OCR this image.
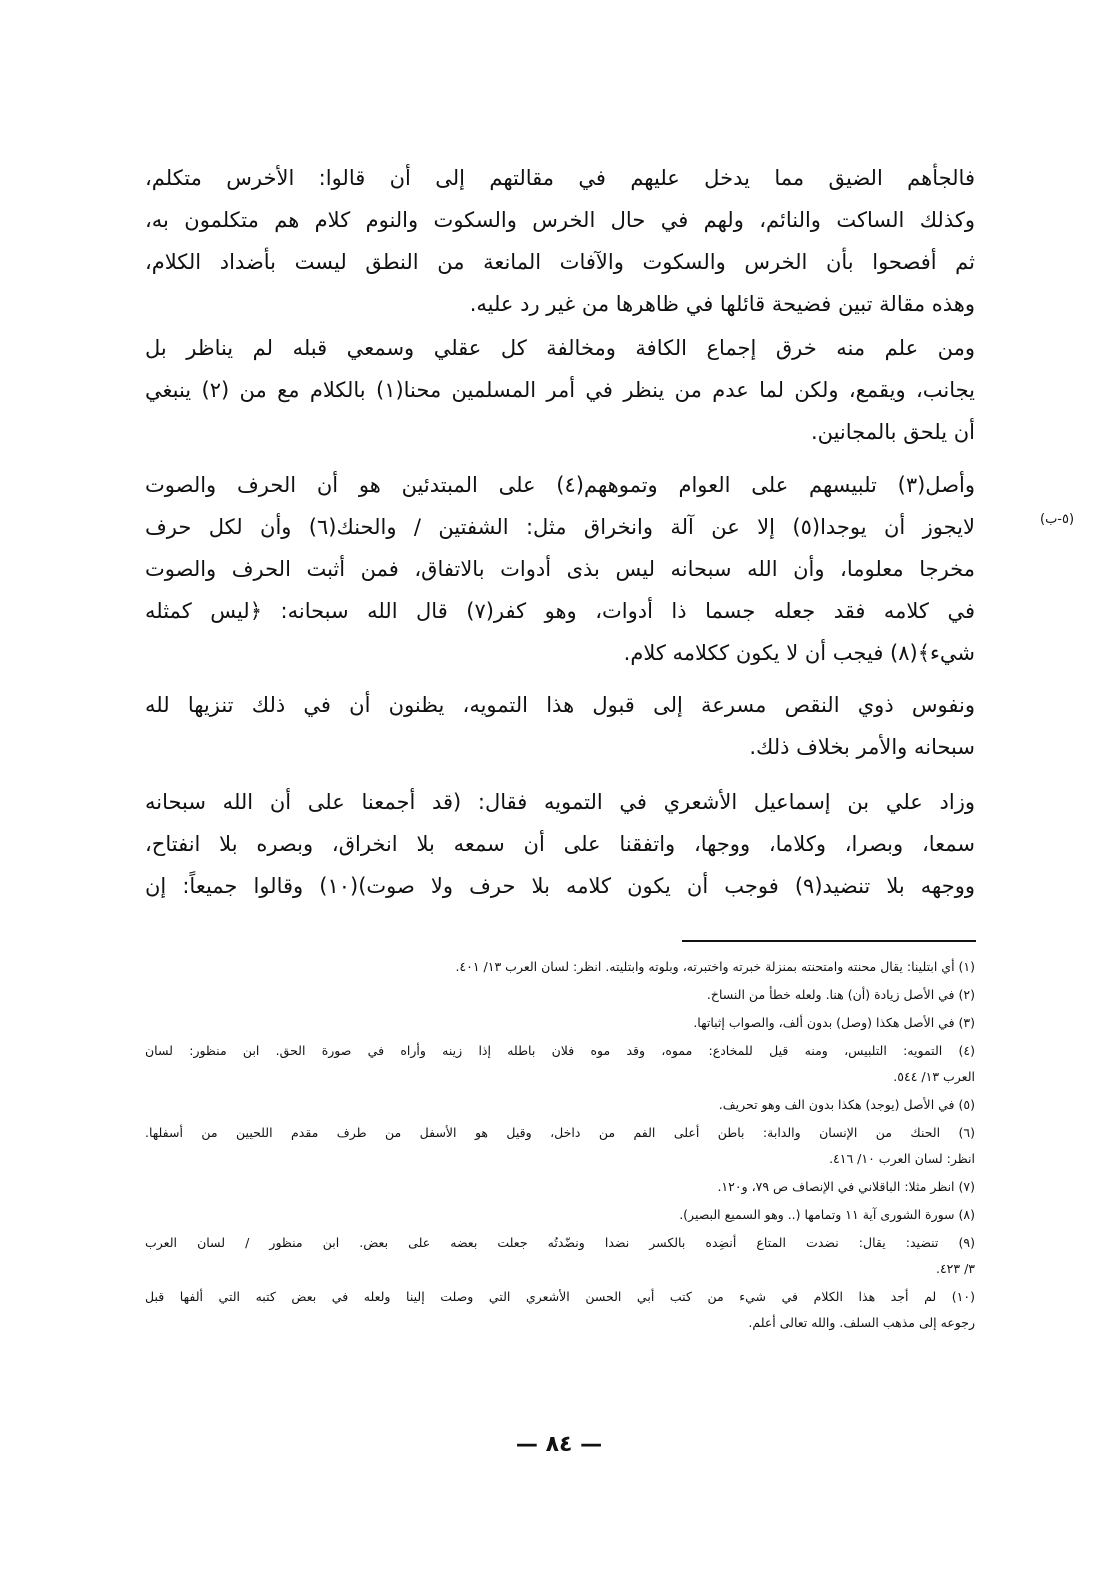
فالجأهم الضيق مما يدخل عليهم في مقالتهم إلى أن قالوا: الأخرس متكلم،
وكذلك الساكت والنائم، ولهم في حال الخرس والسكوت والنوم كلام هم متكلمون به،
ثم أفصحوا بأن الخرس والسكوت والآفات المانعة من النطق ليست بأضداد الكلام،
وهذه مقالة تبين فضيحة قائلها في ظاهرها من غير رد عليه.
ومن علم منه خرق إجماع الكافة ومخالفة كل عقلي وسمعي قبله لم يناظر بل
يجانب، ويقمع، ولكن لما عدم من ينظر في أمر المسلمين محنا(١) بالكلام مع من (٢) ينبغي
أن يلحق بالمجانين.
وأصل(٣) تلبيسهم على العوام وتموههم(٤) على المبتدئين هو أن الحرف والصوت
لايجوز أن يوجدا(٥) إلا عن آلة وانخراق مثل: الشفتين / والحنك(٦) وأن لكل حرف
مخرجا معلوما، وأن الله سبحانه ليس بذى أدوات بالاتفاق، فمن أثبت الحرف والصوت
في كلامه فقد جعله جسما ذا أدوات، وهو كفر(٧) قال الله سبحانه: ﴿ليس كمثله
شيء﴾(٨) فيجب أن لا يكون ككلامه كلام.
ونفوس ذوي النقص مسرعة إلى قبول هذا التمويه، يظنون أن في ذلك تنزيها لله
سبحانه والأمر بخلاف ذلك.
وزاد علي بن إسماعيل الأشعري في التمويه فقال: (قد أجمعنا على أن الله سبحانه
سمعا، وبصرا، وكلاما، ووجها، واتفقنا على أن سمعه بلا انخراق، وبصره بلا انفتاح،
ووجهه بلا تنضيد(٩) فوجب أن يكون كلامه بلا حرف ولا صوت)(١٠) وقالوا جميعاً: إن
(٥-ب)
(١) أي ابتلينا: يقال محنته وامتحنته بمنزلة خبرته واختبرته، وبلوته وابتليته. انظر: لسان العرب ١٣/ ٤٠١.
(٢) في الأصل زيادة (أن) هنا. ولعله خطأ من النساخ.
(٣) في الأصل هكذا (وصل) بدون ألف، والصواب إثباتها.
(٤) التمويه: التلبيس، ومنه قيل للمخادع: مموه، وقد موه فلان باطله إذا زينه وأراه في صورة الحق. ابن منظور: لسان
العرب ١٣/ ٥٤٤.
(٥) في الأصل (يوجد) هكذا بدون الف وهو تحريف.
(٦) الحنك من الإنسان والدابة: باطن أعلى الفم من داخل، وقيل هو الأسفل من طرف مقدم اللحيين من أسفلها.
انظر: لسان العرب ١٠/ ٤١٦.
(٧) انظر مثلا: الباقلاني في الإنصاف ص ٧٩، و١٢٠.
(٨) سورة الشورى آية ١١ وتمامها (.. وهو السميع البصير).
(٩) تنضيد: يقال: نضدت المتاع أنضِده بالكسر نضدا ونضّدتُه جعلت بعضه على بعض. ابن منظور / لسان العرب
٣/ ٤٢٣.
(١٠) لم أجد هذا الكلام في شيء من كتب أبي الحسن الأشعري التي وصلت إلينا ولعله في بعض كتبه التي ألفها قبل
رجوعه إلى مذهب السلف. والله تعالى أعلم.
— ٨٤ —
